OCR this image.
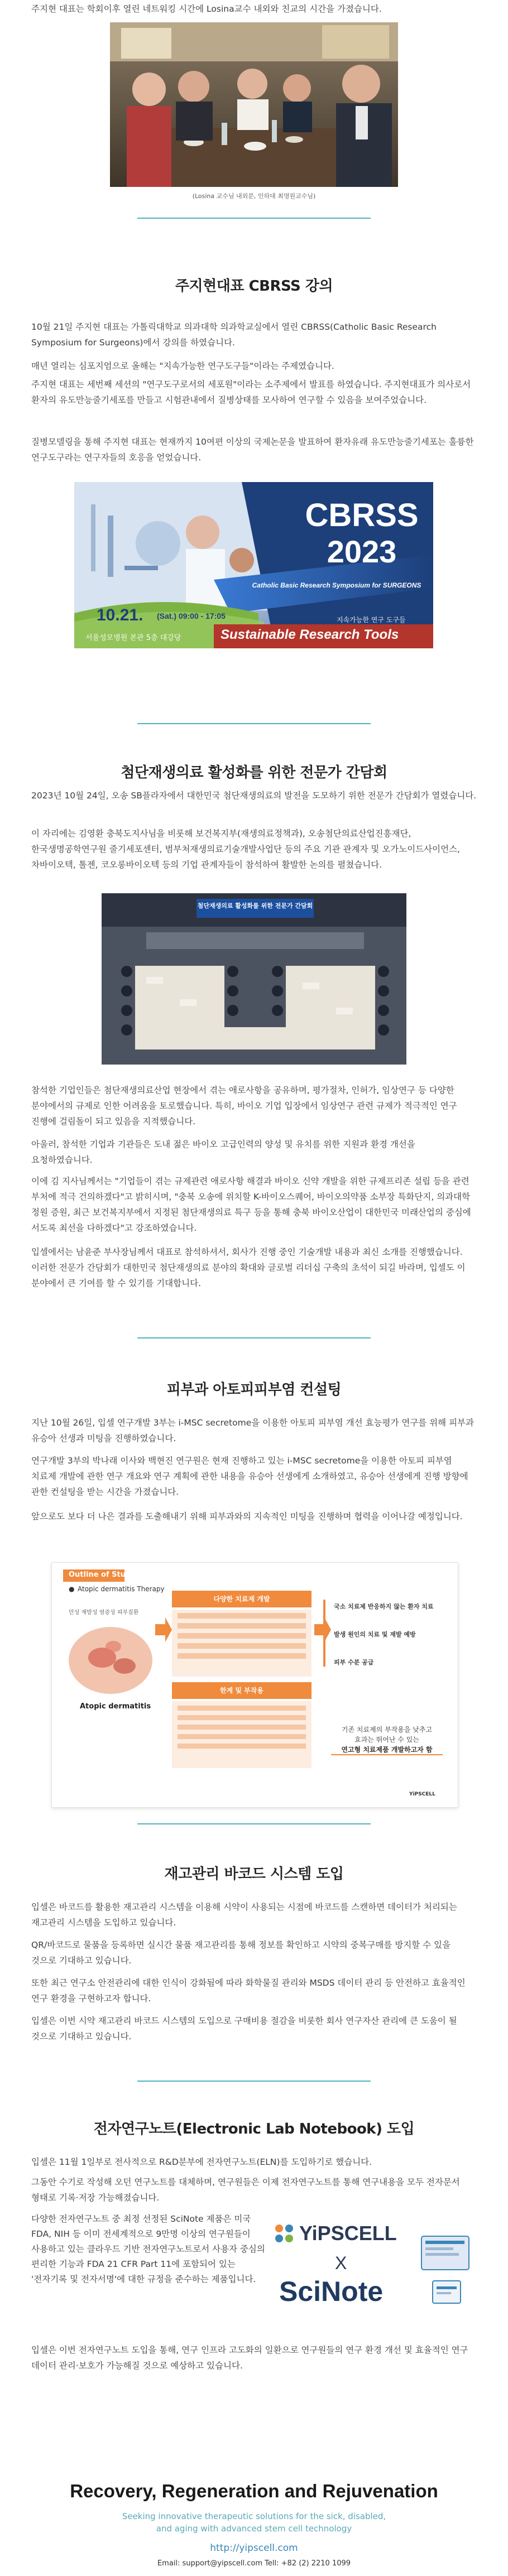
주지현 대표는 학회이후 열린 네트워킹 시간에 Losina교수 내외와 친교의 시간을 가졌습니다.

(Losina 교수님 내외분, 인하대 최명원교수님)
주지현대표 CBRSS 강의

10월 21일 주지현 대표는 가톨릭대학교 의과대학 의과학교실에서 열린 CBRSS(Catholic Basic Research Symposium for Surgeons)에서 강의를 하였습니다.

매년 열리는 심포지엄으로 올해는 "지속가능한 연구도구들"이라는 주제였습니다.

주지현 대표는 세번째 세션의 "연구도구로서의 세포원"이라는 소주제에서 발표를 하였습니다. 주지현대표가 의사로서 환자의 유도만능줄기세포를 만들고 시험관내에서 질병상태를 모사하여 연구할 수 있음을 보여주었습니다.

질병모델링을 통해 주지현 대표는 현재까지 10여편 이상의 국제논문을 발표하여 환자유래 유도만능줄기세포는 훌륭한 연구도구라는 연구자들의 호응을 얻었습니다.

CBRSS
2023
Catholic Basic Research Symposium for SURGEONS
10.21. (Sat.) 09:00 - 17:05
서울성모병원 본관 5층 대강당
지속가능한 연구 도구들
Sustainable Research Tools
첨단재생의료 활성화를 위한 전문가 간담회

2023년 10월 24일, 오송 SB플라자에서 대한민국 첨단재생의료의 발전을 도모하기 위한 전문가 간담회가 열렸습니다.

이 자리에는 김영환 충북도지사님을 비롯해 보건복지부(재생의료정책과), 오송첨단의료산업진흥재단, 한국생명공학연구원 줄기세포센터, 범부처재생의료기술개발사업단 등의 주요 기관 관계자 및 오가노이드사이언스, 차바이오텍, 톨젠, 코오롱바이오텍 등의 기업 관계자들이 참석하여 활발한 논의를 펼쳤습니다.

첨단재생의료 활성화를 위한 전문가 간담회

참석한 기업인들은 첨단재생의료산업 현장에서 겪는 애로사항을 공유하며, 평가절차, 인허가, 임상연구 등 다양한 분야에서의 규제로 인한 어려움을 토로했습니다. 특히, 바이오 기업 입장에서 임상연구 관련 규제가 적극적인 연구 진행에 걸림돌이 되고 있음을 지적했습니다.

아울러, 참석한 기업과 기관들은 도내 젊은 바이오 고급인력의 양성 및 유치를 위한 지원과 환경 개선을 요청하였습니다.

이에 김 지사님께서는 "기업들이 겪는 규제관련 애로사항 해결과 바이오 신약 개발을 위한 규제프리존 설립 등을 관련 부처에 적극 건의하겠다"고 밝히시며, "충북 오송에 위치할 K-바이오스퀘어, 바이오의약품 소부장 특화단지, 의과대학 정원 증원, 최근 보건복지부에서 지정된 첨단재생의료 특구 등을 통해 충북 바이오산업이 대한민국 미래산업의 중심에 서도록 최선을 다하겠다"고 강조하였습니다.

입셀에서는 남윤준 부사장님께서 대표로 참석하셔서, 회사가 진행 중인 기술개발 내용과 최신 소개를 진행했습니다. 이러한 전문가 간담회가 대한민국 첨단재생의료 분야의 확대와 글로벌 리더십 구축의 초석이 되길 바라며, 입셀도 이 분야에서 큰 기여를 할 수 있기를 기대합니다.

피부과 아토피피부염 컨설팅

지난 10월 26일, 입셀 연구개발 3부는 i-MSC secretome을 이용한 아토피 피부염 개선 효능평가 연구를 위해 피부과 유승아 선생과 미팅을 진행하였습니다.

연구개발 3부의 박나래 이사와 백현진 연구원은 현재 진행하고 있는 i-MSC secretome을 이용한 아토피 피부염 치료제 개발에 관한 연구 개요와 연구 계획에 관한 내용을 유승아 선생에게 소개하였고, 유승아 선생에게 진행 방향에 관한 컨설팅을 받는 시간을 가졌습니다.

앞으로도 보다 더 나은 결과를 도출해내기 위해 피부과와의 지속적인 미팅을 진행하며 협력을 이어나갈 예정입니다.

Outline of Study
● Atopic dermatitis Therapy
만성 재발성 염증성 피부질환
Atopic dermatitis
다양한 치료제 개발
한계 및 부작용
국소 치료제 반응하지 않는 환자 치료
발생 원인의 치료 및 재발 예방
피부 수분 공급
기존 치료제의 부작용을 낮추고
효과는 뛰어난 수 있는
연고형 치료제품 개발하고자 함
YiPSCELL
재고관리 바코드 시스템 도입

입셀은 바코드를 활용한 재고관리 시스템을 이용해 시약이 사용되는 시점에 바코드를 스캔하면 데이터가 처리되는 재고관리 시스템을 도입하고 있습니다.

QR/바코드로 물품을 등록하면 실시간 물품 재고관리를 통해 정보를 확인하고 시약의 중복구매를 방지할 수 있을 것으로 기대하고 있습니다.

또한 최근 연구소 안전관리에 대한 인식이 강화됨에 따라 화학물질 관리와 MSDS 데이터 관리 등 안전하고 효율적인 연구 환경을 구현하고자 합니다.

입셀은 이번 시약 재고관리 바코드 시스템의 도입으로 구매비용 절감을 비롯한 회사 연구자산 관리에 큰 도움이 될 것으로 기대하고 있습니다.

전자연구노트(Electronic Lab Notebook) 도입

입셀은 11월 1일부로 전사적으로 R&D분부에 전자연구노트(ELN)를 도입하기로 했습니다.

그동안 수기로 작성해 오던 연구노트를 대체하며, 연구원들은 이제 전자연구노트를 통해 연구내용을 모두 전자문서 형태로 기록·저장 가능해졌습니다.

다양한 전자연구노트 중 최정 선정된 SciNote 제품은 미국 FDA, NIH 등 이미 전세계적으로 9만명 이상의 연구원들이 사용하고 있는 클라우드 기반 전자연구노트로서 사용자 중심의 편리한 기능과 FDA 21 CFR Part 11에 포함되어 있는 '전자기록 및 전자서명'에 대한 규정을 준수하는 제품입니다.

입셀은 이번 전자연구노트 도입을 통해, 연구 인프라 고도화의 일환으로 연구원들의 연구 환경 개선 및 효율적인 연구 데이터 관리·보호가 가능해질 것으로 예상하고 있습니다.

YiPSCELL
X
SciNote
Recovery, Regeneration and Rejuvenation
Seeking innovative therapeutic solutions for the sick, disabled,
and aging with advanced stem cell technology
http://yipscell.com
Email: support@yipscell.com Tell: +82 (2) 2210 1099
